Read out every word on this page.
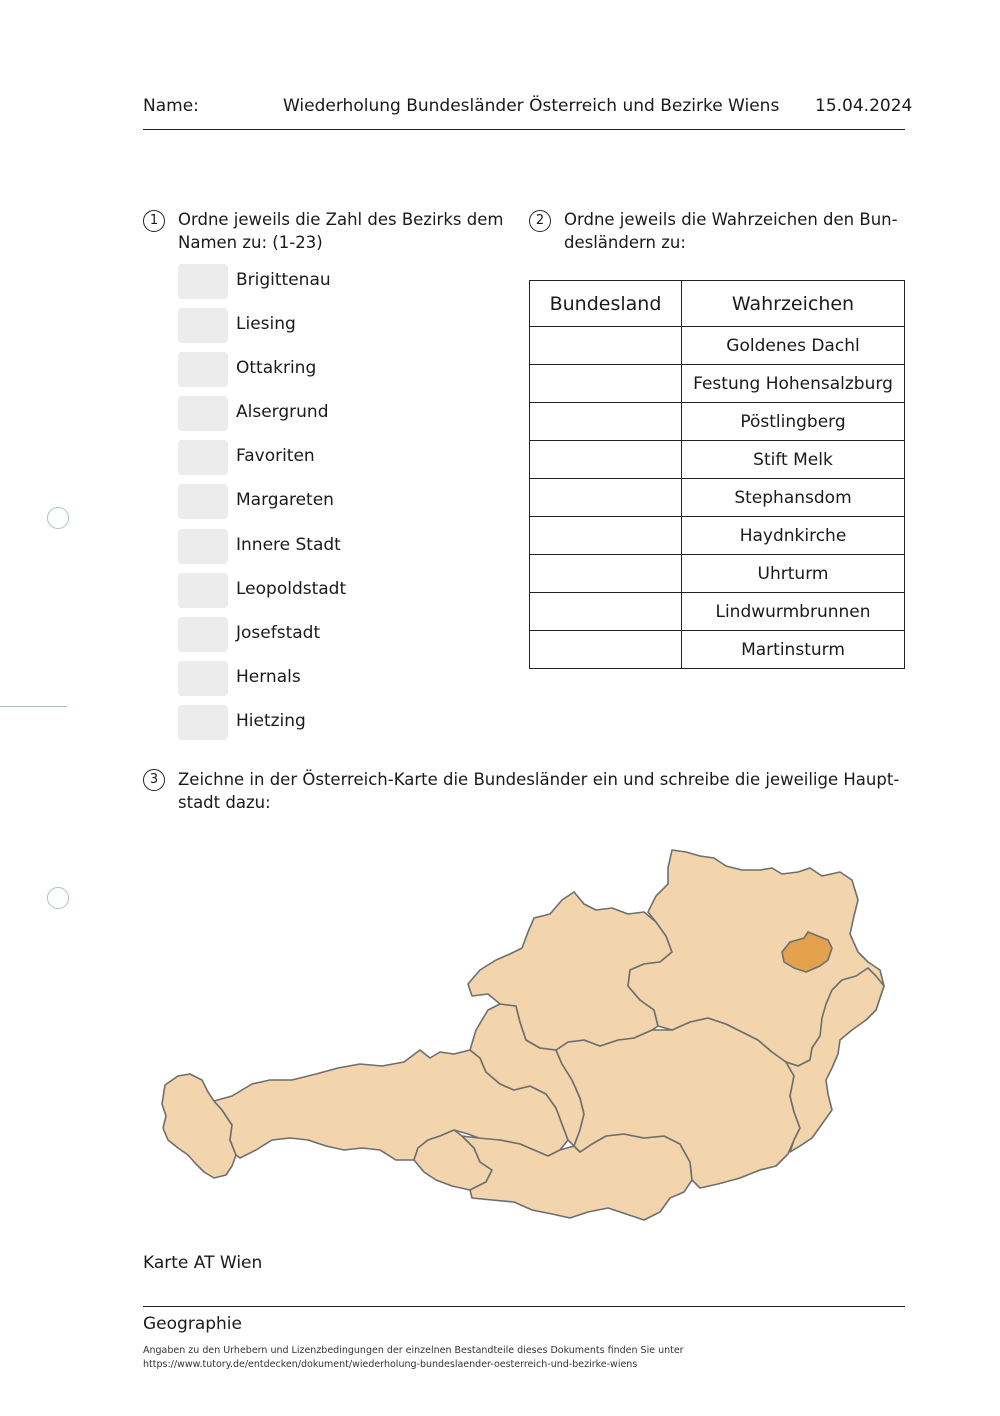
Name:	Wiederholung Bundesländer Österreich und Bezirke Wiens 15.04.2024
1	Ordne jeweils die Zahl des Bezirks dem Namen zu: (1-23)
Brigittenau
Liesing
Ottakring
Alsergrund
Favoriten
Margareten
Innere Stadt
Leopoldstadt
Josefstadt
Hernals
Hietzing
2	Ordne jeweils die Wahrzeichen den Bundesländern zu:
Bundesland	Wahrzeichen
	Goldenes Dachl
	Festung Hohensalzburg
	Pöstlingberg
	Stift Melk
	Stephansdom
	Haydnkirche
	Uhrturm
	Lindwurmbrunnen
	Martinsturm
3	Zeichne in der Österreich-Karte die Bundesländer ein und schreibe die jeweilige Hauptstadt dazu:
Karte AT Wien
Geographie
Angaben zu den Urhebern und Lizenzbedingungen der einzelnen Bestandteile dieses Dokuments finden Sie unter
https://www.tutory.de/entdecken/dokument/wiederholung-bundeslaender-oesterreich-und-bezirke-wiens
